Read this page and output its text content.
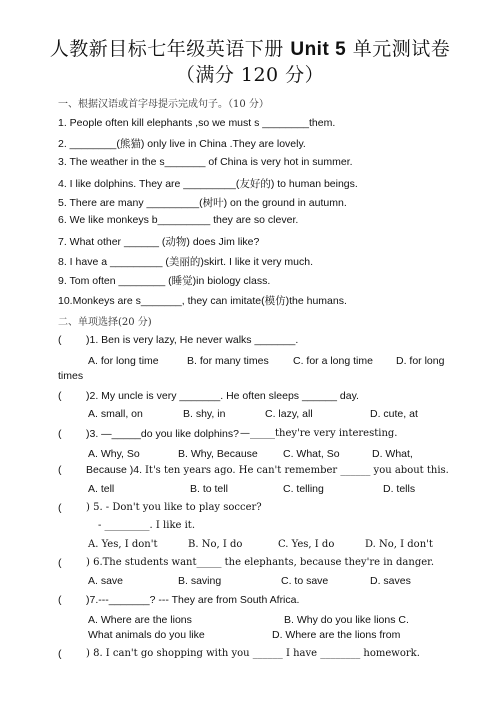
人教新目标七年级英语下册 Unit 5 单元测试卷
（满分 120 分）
一、根据汉语或首字母提示完成句子。（10 分）
1. People often kill elephants ,so we must s ________them.
2. ________(熊猫) only live in China .They are lovely.
3. The weather in the s_______ of China is very hot in summer.
4. I like dolphins. They are _________(友好的) to human beings.
5. There are many _________(树叶) on the ground in autumn.
6. We like monkeys b_________ they are so clever.
7. What other ______ (动物) does Jim like?
8. I have a _________ (美丽的)skirt. I like it very much.
9. Tom often ________ (睡觉)in biology class.
10.Monkeys are s_______, they can imitate(模仿)the humans.
二、单项选择(20 分)
( )1. Ben is very lazy, He never walks _______.
A. for long time	B. for many times C. for a long time D. for long
times
( )2. My uncle is very _______. He often sleeps ______ day.
A. small, on	B. shy, in	C. lazy, all	D. cute, at
( )3. —_____do you like dolphins? —_____they're very interesting.
A. Why, So	B. Why, Because C. What, So	D. What,
( Because )4. It's ten years ago. He can't remember ______ you about this.
A. tell	B. to tell	C. telling	D. tells
( ) 5. - Don't you like to play soccer?
- _________. I like it.
A. Yes, I don't	B. No, I do	C. Yes, I do	D. No, I don't
( ) 6.The students want_____ the elephants, because they're in danger.
A. save	B. saving	C. to save	D. saves
( )7.---_______? --- They are from South Africa.
A. Where are the lions	B. Why do you like lions C.
What animals do you like	D. Where are the lions from
( ) 8. I can't go shopping with you ______ I have ________ homework.
